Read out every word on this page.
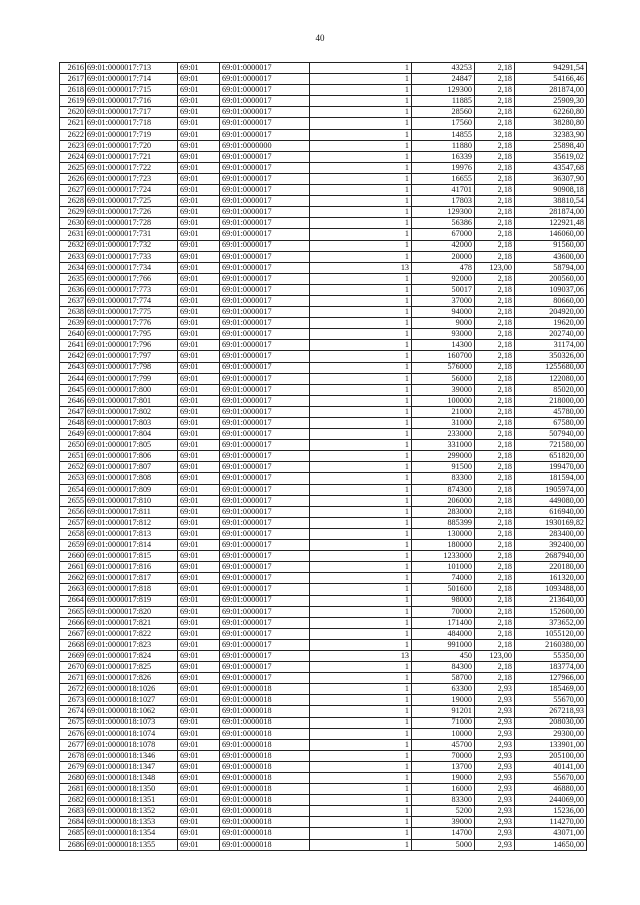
40
2616	69:01:0000017:713	69:01	69:01:0000017	1	43253	2,18	94291,54
2617	69:01:0000017:714	69:01	69:01:0000017	1	24847	2,18	54166,46
2618	69:01:0000017:715	69:01	69:01:0000017	1	129300	2,18	281874,00
2619	69:01:0000017:716	69:01	69:01:0000017	1	11885	2,18	25909,30
2620	69:01:0000017:717	69:01	69:01:0000017	1	28560	2,18	62260,80
2621	69:01:0000017:718	69:01	69:01:0000017	1	17560	2,18	38280,80
2622	69:01:0000017:719	69:01	69:01:0000017	1	14855	2,18	32383,90
2623	69:01:0000017:720	69:01	69:01:0000000	1	11880	2,18	25898,40
2624	69:01:0000017:721	69:01	69:01:0000017	1	16339	2,18	35619,02
2625	69:01:0000017:722	69:01	69:01:0000017	1	19976	2,18	43547,68
2626	69:01:0000017:723	69:01	69:01:0000017	1	16655	2,18	36307,90
2627	69:01:0000017:724	69:01	69:01:0000017	1	41701	2,18	90908,18
2628	69:01:0000017:725	69:01	69:01:0000017	1	17803	2,18	38810,54
2629	69:01:0000017:726	69:01	69:01:0000017	1	129300	2,18	281874,00
2630	69:01:0000017:728	69:01	69:01:0000017	1	56386	2,18	122921,48
2631	69:01:0000017:731	69:01	69:01:0000017	1	67000	2,18	146060,00
2632	69:01:0000017:732	69:01	69:01:0000017	1	42000	2,18	91560,00
2633	69:01:0000017:733	69:01	69:01:0000017	1	20000	2,18	43600,00
2634	69:01:0000017:734	69:01	69:01:0000017	13	478	123,00	58794,00
2635	69:01:0000017:766	69:01	69:01:0000017	1	92000	2,18	200560,00
2636	69:01:0000017:773	69:01	69:01:0000017	1	50017	2,18	109037,06
2637	69:01:0000017:774	69:01	69:01:0000017	1	37000	2,18	80660,00
2638	69:01:0000017:775	69:01	69:01:0000017	1	94000	2,18	204920,00
2639	69:01:0000017:776	69:01	69:01:0000017	1	9000	2,18	19620,00
2640	69:01:0000017:795	69:01	69:01:0000017	1	93000	2,18	202740,00
2641	69:01:0000017:796	69:01	69:01:0000017	1	14300	2,18	31174,00
2642	69:01:0000017:797	69:01	69:01:0000017	1	160700	2,18	350326,00
2643	69:01:0000017:798	69:01	69:01:0000017	1	576000	2,18	1255680,00
2644	69:01:0000017:799	69:01	69:01:0000017	1	56000	2,18	122080,00
2645	69:01:0000017:800	69:01	69:01:0000017	1	39000	2,18	85020,00
2646	69:01:0000017:801	69:01	69:01:0000017	1	100000	2,18	218000,00
2647	69:01:0000017:802	69:01	69:01:0000017	1	21000	2,18	45780,00
2648	69:01:0000017:803	69:01	69:01:0000017	1	31000	2,18	67580,00
2649	69:01:0000017:804	69:01	69:01:0000017	1	233000	2,18	507940,00
2650	69:01:0000017:805	69:01	69:01:0000017	1	331000	2,18	721580,00
2651	69:01:0000017:806	69:01	69:01:0000017	1	299000	2,18	651820,00
2652	69:01:0000017:807	69:01	69:01:0000017	1	91500	2,18	199470,00
2653	69:01:0000017:808	69:01	69:01:0000017	1	83300	2,18	181594,00
2654	69:01:0000017:809	69:01	69:01:0000017	1	874300	2,18	1905974,00
2655	69:01:0000017:810	69:01	69:01:0000017	1	206000	2,18	449080,00
2656	69:01:0000017:811	69:01	69:01:0000017	1	283000	2,18	616940,00
2657	69:01:0000017:812	69:01	69:01:0000017	1	885399	2,18	1930169,82
2658	69:01:0000017:813	69:01	69:01:0000017	1	130000	2,18	283400,00
2659	69:01:0000017:814	69:01	69:01:0000017	1	180000	2,18	392400,00
2660	69:01:0000017:815	69:01	69:01:0000017	1	1233000	2,18	2687940,00
2661	69:01:0000017:816	69:01	69:01:0000017	1	101000	2,18	220180,00
2662	69:01:0000017:817	69:01	69:01:0000017	1	74000	2,18	161320,00
2663	69:01:0000017:818	69:01	69:01:0000017	1	501600	2,18	1093488,00
2664	69:01:0000017:819	69:01	69:01:0000017	1	98000	2,18	213640,00
2665	69:01:0000017:820	69:01	69:01:0000017	1	70000	2,18	152600,00
2666	69:01:0000017:821	69:01	69:01:0000017	1	171400	2,18	373652,00
2667	69:01:0000017:822	69:01	69:01:0000017	1	484000	2,18	1055120,00
2668	69:01:0000017:823	69:01	69:01:0000017	1	991000	2,18	2160380,00
2669	69:01:0000017:824	69:01	69:01:0000017	13	450	123,00	55350,00
2670	69:01:0000017:825	69:01	69:01:0000017	1	84300	2,18	183774,00
2671	69:01:0000017:826	69:01	69:01:0000017	1	58700	2,18	127966,00
2672	69:01:0000018:1026	69:01	69:01:0000018	1	63300	2,93	185469,00
2673	69:01:0000018:1027	69:01	69:01:0000018	1	19000	2,93	55670,00
2674	69:01:0000018:1062	69:01	69:01:0000018	1	91201	2,93	267218,93
2675	69:01:0000018:1073	69:01	69:01:0000018	1	71000	2,93	208030,00
2676	69:01:0000018:1074	69:01	69:01:0000018	1	10000	2,93	29300,00
2677	69:01:0000018:1078	69:01	69:01:0000018	1	45700	2,93	133901,00
2678	69:01:0000018:1346	69:01	69:01:0000018	1	70000	2,93	205100,00
2679	69:01:0000018:1347	69:01	69:01:0000018	1	13700	2,93	40141,00
2680	69:01:0000018:1348	69:01	69:01:0000018	1	19000	2,93	55670,00
2681	69:01:0000018:1350	69:01	69:01:0000018	1	16000	2,93	46880,00
2682	69:01:0000018:1351	69:01	69:01:0000018	1	83300	2,93	244069,00
2683	69:01:0000018:1352	69:01	69:01:0000018	1	5200	2,93	15236,00
2684	69:01:0000018:1353	69:01	69:01:0000018	1	39000	2,93	114270,00
2685	69:01:0000018:1354	69:01	69:01:0000018	1	14700	2,93	43071,00
2686	69:01:0000018:1355	69:01	69:01:0000018	1	5000	2,93	14650,00
